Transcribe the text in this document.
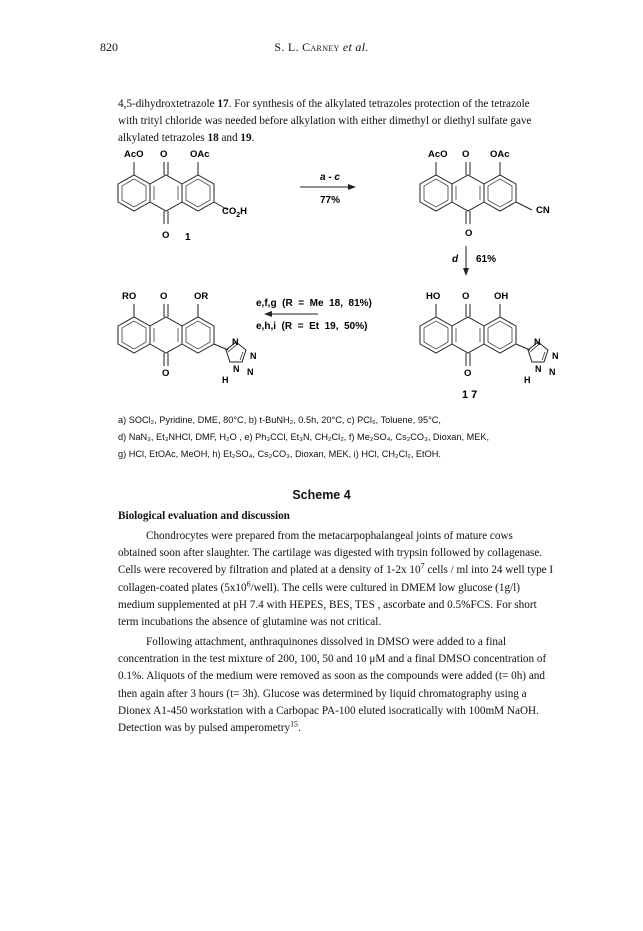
820	S. L. Carney et al.

4,5-dihydroxtetrazole 17. For synthesis of the alkylated tetrazoles protection of the tetrazole

with trityl chloride was needed before alkylation with either dimethyl or diethyl sulfate gave

alkylated tetrazoles 18 and 19.

AcO O OAc
$CO_2H$
O 1
a - c
77%
AcO O OAc
CN
O
d 61%
RO	O	OR
N
N
N N
H
O
e,f,g  (R  =  Me  18,  81%)
e,h,i  (R  =  Et  19,  50%)
HO O	OH
N
N
N N
H
O
17
a) SOCl₂, Pyridine, DME, 80°C, b) t-BuNH₂, 0.5h, 20°C, c) PCl₅, Toluene, 95°C,
d) NaN₃, Et₃NHCl, DMF, H₂O , e) Ph₃CCl, Et₃N, CH₂Cl₂, f) Me₂SO₄, Cs₂CO₃, Dioxan, MEK,
g) HCl, EtOAc, MeOH, h) Et₂SO₄, Cs₂CO₃, Dioxan, MEK, i) HCl, CH₂Cl₂, EtOH.
Scheme 4
Biological evaluation and discussion

Chondrocytes were prepared from the metacarpophalangeal joints of mature cows

obtained soon after slaughter. The cartilage was digested with trypsin followed by collagenase.

Cells were recovered by filtration and plated at a density of 1-2x $10^7$ cells / ml into 24 well type I

collagen-coated plates $(5x10^6/well)$. The cells were cultured in DMEM low glucose (1g/l)

medium supplemented at pH 7.4 with HEPES, BES, TES , ascorbate and 0.5%FCS. For short

term incubations the absence of glutamine was not critical.

Following attachment, anthraquinones dissolved in DMSO were added to a final

concentration in the test mixture of 200, 100, 50 and 10 μM and a final DMSO concentration of

0.1%. Aliquots of the medium were removed as soon as the compounds were added (t= 0h) and

then again after 3 hours (t= 3h). Glucose was determined by liquid chromatography using a

Dionex A1-450 workstation with a Carbopac PA-100 eluted isocratically with 100mM NaOH.

Detection was by pulsed amperometry$^{15}$.
